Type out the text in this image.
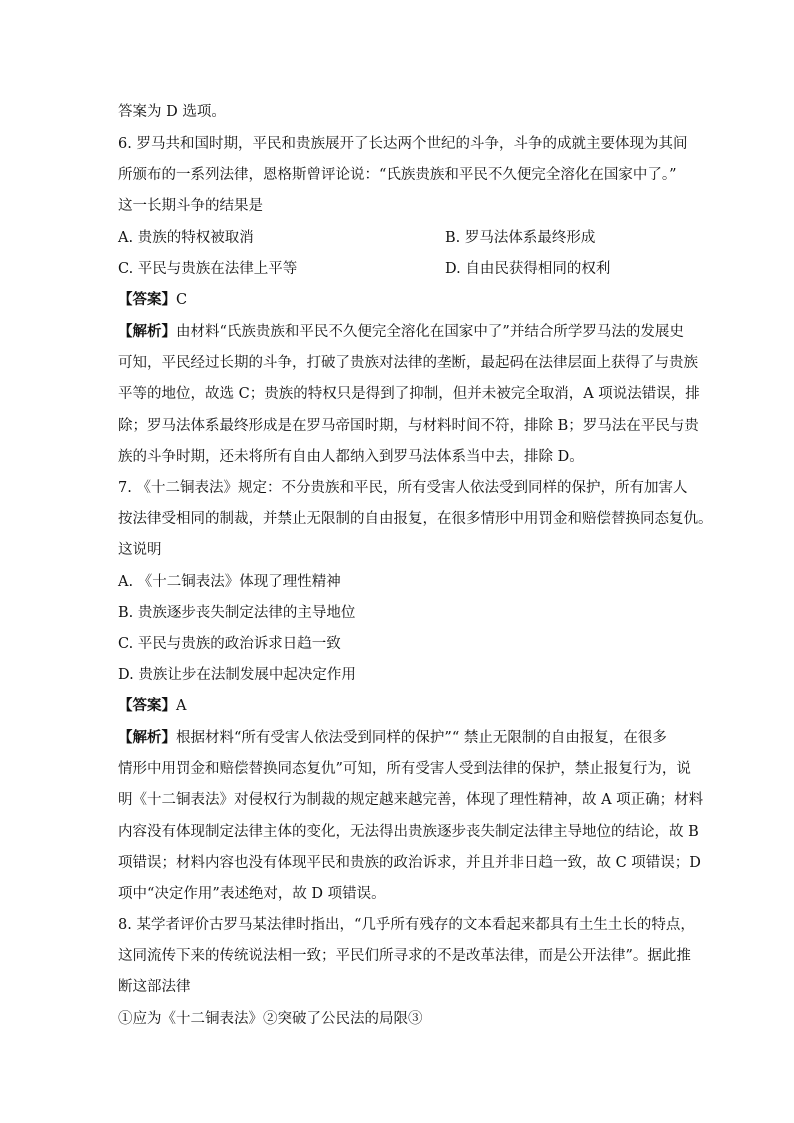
答案为 D 选项。
6. 罗马共和国时期，平民和贵族展开了长达两个世纪的斗争，斗争的成就主要体现为其间
所颁布的一系列法律，恩格斯曾评论说：“氏族贵族和平民不久便完全溶化在国家中了。”
这一长期斗争的结果是
A. 贵族的特权被取消	B. 罗马法体系最终形成
C. 平民与贵族在法律上平等	D. 自由民获得相同的权利
【答案】C
【解析】由材料“氏族贵族和平民不久便完全溶化在国家中了”并结合所学罗马法的发展史
可知，平民经过长期的斗争，打破了贵族对法律的垄断，最起码在法律层面上获得了与贵族
平等的地位，故选 C；贵族的特权只是得到了抑制，但并未被完全取消，A 项说法错误，排
除；罗马法体系最终形成是在罗马帝国时期，与材料时间不符，排除 B；罗马法在平民与贵
族的斗争时期，还未将所有自由人都纳入到罗马法体系当中去，排除 D。
7. 《十二铜表法》规定：不分贵族和平民，所有受害人依法受到同样的保护，所有加害人
按法律受相同的制裁，并禁止无限制的自由报复，在很多情形中用罚金和赔偿替换同态复仇。
这说明
A. 《十二铜表法》体现了理性精神
B. 贵族逐步丧失制定法律的主导地位
C. 平民与贵族的政治诉求日趋一致
D. 贵族让步在法制发展中起决定作用
【答案】A
【解析】根据材料“所有受害人依法受到同样的保护”“ 禁止无限制的自由报复，在很多
情形中用罚金和赔偿替换同态复仇”可知，所有受害人受到法律的保护，禁止报复行为，说
明《十二铜表法》对侵权行为制裁的规定越来越完善，体现了理性精神，故 A 项正确；材料
内容没有体现制定法律主体的变化，无法得出贵族逐步丧失制定法律主导地位的结论，故 B
项错误；材料内容也没有体现平民和贵族的政治诉求，并且并非日趋一致，故 C 项错误；D
项中“决定作用”表述绝对，故 D 项错误。
8. 某学者评价古罗马某法律时指出，“几乎所有残存的文本看起来都具有土生土长的特点，
这同流传下来的传统说法相一致；平民们所寻求的不是改革法律，而是公开法律”。据此推
断这部法律
①应为《十二铜表法》②突破了公民法的局限③
